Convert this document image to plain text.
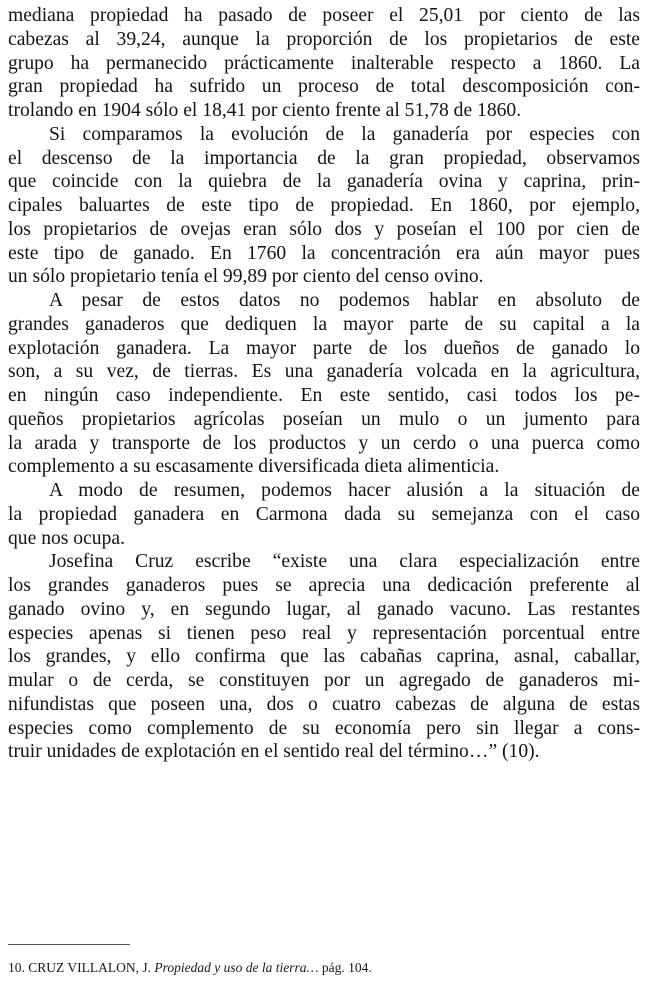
mediana propiedad ha pasado de poseer el 25,01 por ciento de las
cabezas al 39,24, aunque la proporción de los propietarios de este
grupo ha permanecido prácticamente inalterable respecto a 1860. La
gran propiedad ha sufrido un proceso de total descomposición con-
trolando en 1904 sólo el 18,41 por ciento frente al 51,78 de 1860.
Si comparamos la evolución de la ganadería por especies con
el descenso de la importancia de la gran propiedad, observamos
que coincide con la quiebra de la ganadería ovina y caprina, prin-
cipales baluartes de este tipo de propiedad. En 1860, por ejemplo,
los propietarios de ovejas eran sólo dos y poseían el 100 por cien de
este tipo de ganado. En 1760 la concentración era aún mayor pues
un sólo propietario tenía el 99,89 por ciento del censo ovino.
A pesar de estos datos no podemos hablar en absoluto de
grandes ganaderos que dediquen la mayor parte de su capital a la
explotación ganadera. La mayor parte de los dueños de ganado lo
son, a su vez, de tierras. Es una ganadería volcada en la agricultura,
en ningún caso independiente. En este sentido, casi todos los pe-
queños propietarios agrícolas poseían un mulo o un jumento para
la arada y transporte de los productos y un cerdo o una puerca como
complemento a su escasamente diversificada dieta alimenticia.
A modo de resumen, podemos hacer alusión a la situación de
la propiedad ganadera en Carmona dada su semejanza con el caso
que nos ocupa.
Josefina Cruz escribe “existe una clara especialización entre
los grandes ganaderos pues se aprecia una dedicación preferente al
ganado ovino y, en segundo lugar, al ganado vacuno. Las restantes
especies apenas si tienen peso real y representación porcentual entre
los grandes, y ello confirma que las cabañas caprina, asnal, caballar,
mular o de cerda, se constituyen por un agregado de ganaderos mi-
nifundistas que poseen una, dos o cuatro cabezas de alguna de estas
especies como complemento de su economía pero sin llegar a cons-
truir unidades de explotación en el sentido real del término…” (10).
10. CRUZ VILLALON, J. Propiedad y uso de la tierra… pág. 104.
